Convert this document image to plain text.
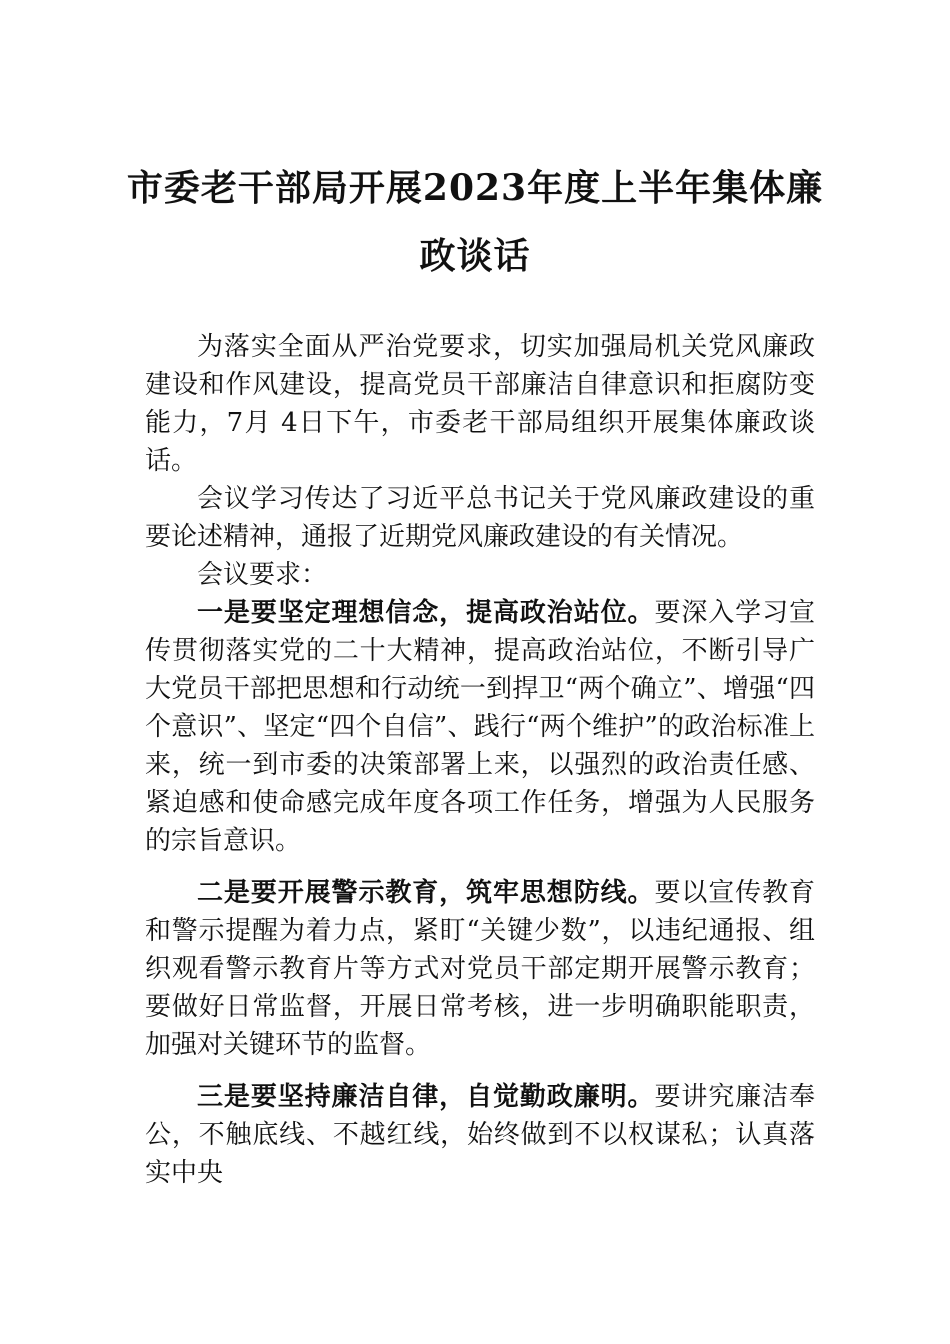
市委老干部局开展2023年度上半年集体廉
政谈话

为落实全面从严治党要求，切实加强局机关党风廉政建设和作风建设，提高党员干部廉洁自律意识和拒腐防变能力，7月 4日下午，市委老干部局组织开展集体廉政谈话。

会议学习传达了习近平总书记关于党风廉政建设的重要论述精神，通报了近期党风廉政建设的有关情况。

会议要求：

一是要坚定理想信念，提高政治站位。要深入学习宣传贯彻落实党的二十大精神，提高政治站位，不断引导广大党员干部把思想和行动统一到捍卫“两个确立”、增强“四个意识”、坚定“四个自信”、践行“两个维护”的政治标准上来，统一到市委的决策部署上来，以强烈的政治责任感、紧迫感和使命感完成年度各项工作任务，增强为人民服务的宗旨意识。

二是要开展警示教育，筑牢思想防线。要以宣传教育和警示提醒为着力点，紧盯“关键少数”，以违纪通报、组织观看警示教育片等方式对党员干部定期开展警示教育；要做好日常监督，开展日常考核，进一步明确职能职责，加强对关键环节的监督。

三是要坚持廉洁自律，自觉勤政廉明。要讲究廉洁奉公，不触底线、不越红线，始终做到不以权谋私；认真落实中央
